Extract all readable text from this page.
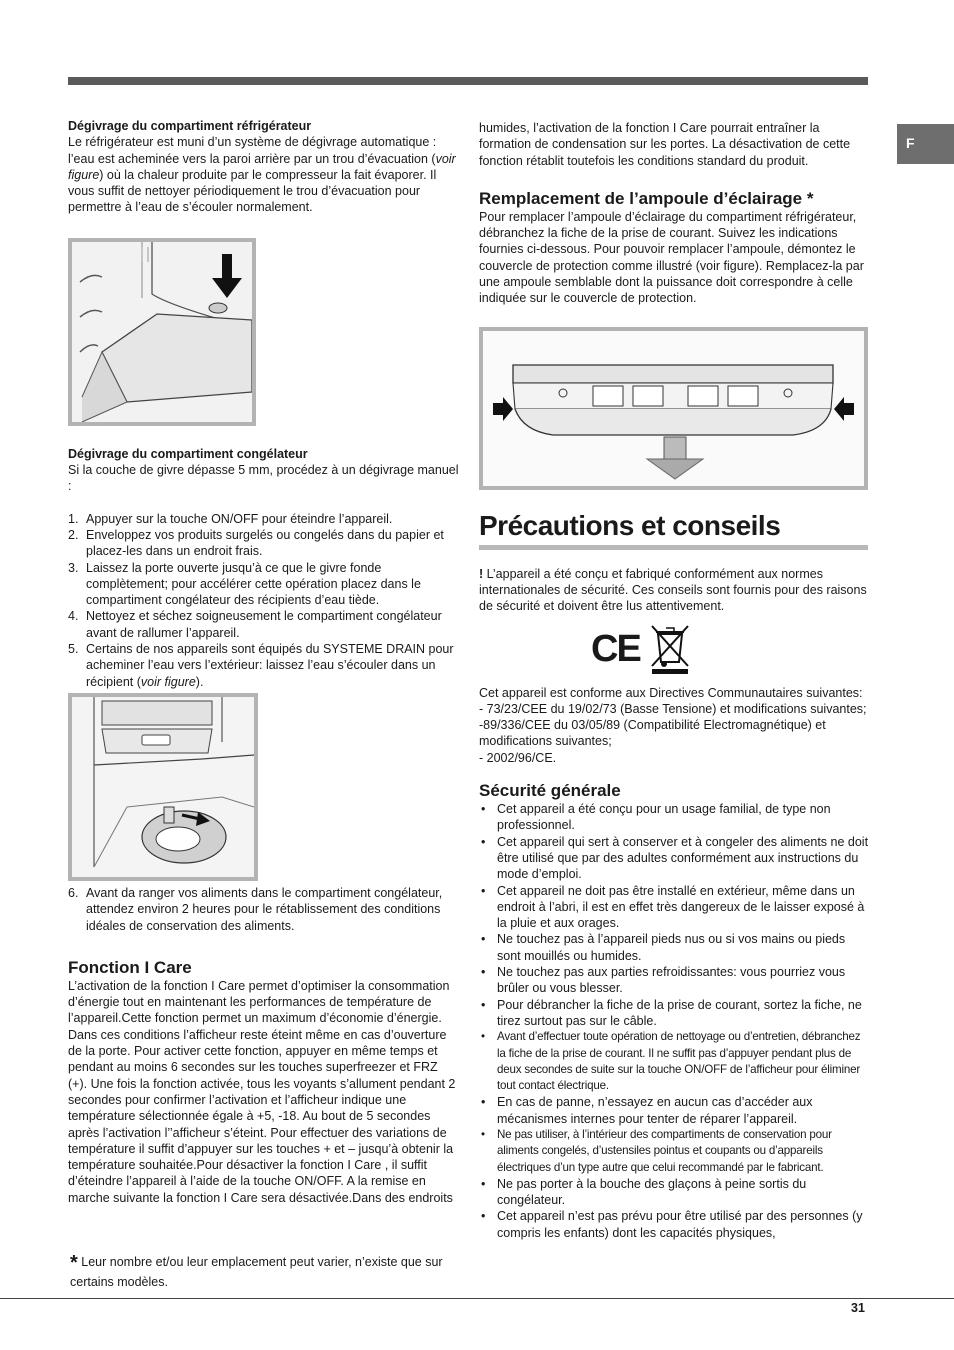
F

Dégivrage du compartiment réfrigérateur

Le réfrigérateur est muni d’un système de dégivrage automatique : l’eau est acheminée vers la paroi arrière par un trou d’évacuation (voir figure) où la chaleur produite par le compresseur la fait évaporer. Il vous suffit de nettoyer périodiquement le trou d’évacuation pour permettre à l’eau de s’écouler normalement.

Dégivrage du compartiment congélateur

Si la couche de givre dépasse 5 mm, procédez à un dégivrage manuel :

1. Appuyer sur la touche ON/OFF pour éteindre l’appareil.
2. Enveloppez vos produits surgelés ou congelés dans du papier et placez-les dans un endroit frais.
3. Laissez la porte ouverte jusqu’à ce que le givre fonde complètement; pour accélérer cette opération placez dans le compartiment congélateur des récipients d’eau tiède.
4. Nettoyez et séchez soigneusement le compartiment congélateur avant de rallumer l’appareil.
5. Certains de nos appareils sont équipés du SYSTEME DRAIN pour acheminer l’eau vers l’extérieur: laissez l’eau s’écouler dans un récipient (voir figure).
6. Avant da ranger vos aliments dans le compartiment congélateur, attendez environ 2 heures pour le rétablissement des conditions idéales de conservation des aliments.
Fonction I Care

L’activation de la fonction I Care permet d’optimiser la consommation d’énergie tout en maintenant les performances de température de l’appareil.Cette fonction permet un maximum d’économie d’énergie. Dans ces conditions l’afficheur reste éteint même en cas d’ouverture de la porte. Pour activer cette fonction, appuyer en même temps et pendant au moins 6 secondes sur les touches superfreezer et FRZ (+). Une fois la fonction activée, tous les voyants s’allument pendant 2 secondes pour confirmer l’activation et l’afficheur indique une température sélectionnée égale à +5, -18. Au bout de 5 secondes après l’activation l’’afficheur s’éteint. Pour effectuer des variations de température il suffit d’appuyer sur les touches + et – jusqu’à obtenir la température souhaitée.Pour désactiver la fonction I Care , il suffit d’éteindre l’appareil à l’aide de la touche ON/OFF. A la remise en marche suivante la fonction I Care sera désactivée.Dans des endroits

* Leur nombre et/ou leur emplacement peut varier, n’existe que sur certains modèles.

humides, l’activation de la fonction I Care pourrait entraîner la formation de condensation sur les portes. La désactivation de cette fonction rétablit toutefois les conditions standard du produit.

Remplacement de l’ampoule d’éclairage *

Pour remplacer l’ampoule d’éclairage du compartiment réfrigérateur, débranchez la fiche de la prise de courant. Suivez les indications fournies ci-dessous. Pour pouvoir remplacer l’ampoule, démontez le couvercle de protection comme illustré (voir figure). Remplacez-la par une ampoule semblable dont la puissance doit correspondre à celle indiquée sur le couvercle de protection.

Précautions et conseils

! L’appareil a été conçu et fabriqué conformément aux normes internationales de sécurité. Ces conseils sont fournis pour des raisons de sécurité et doivent être lus attentivement.

CE

Cet appareil est conforme aux Directives Communautaires suivantes:

- 73/23/CEE du 19/02/73 (Basse Tensione) et modifications suivantes;

-89/336/CEE du 03/05/89 (Compatibilité Electromagnétique) et modifications suivantes;

- 2002/96/CE.

Sécurité générale
• Cet appareil a été conçu pour un usage familial, de type non professionnel.
• Cet appareil qui sert à conserver et à congeler des aliments ne doit être utilisé que par des adultes conformément aux instructions du mode d’emploi.
• Cet appareil ne doit pas être installé en extérieur, même dans un endroit à l’abri, il est en effet très dangereux de le laisser exposé à la pluie et aux orages.
• Ne touchez pas à l’appareil pieds nus ou si vos mains ou pieds sont mouillés ou humides.
• Ne touchez pas aux parties refroidissantes: vous pourriez vous brûler ou vous blesser.
• Pour débrancher la fiche de la prise de courant, sortez la fiche, ne tirez surtout pas sur le câble.
• Avant d’effectuer toute opération de nettoyage ou d’entretien, débranchez la fiche de la prise de courant. Il ne suffit pas d’appuyer pendant plus de deux secondes de suite sur la touche ON/OFF de l’afficheur pour éliminer tout contact électrique.
• En cas de panne, n’essayez en aucun cas d’accéder aux mécanismes internes pour tenter de réparer l’appareil.
• Ne pas utiliser, à l’intérieur des compartiments de conservation pour aliments congelés, d’ustensiles pointus et coupants ou d’appareils électriques d’un type autre que celui recommandé par le fabricant.
• Ne pas porter à la bouche des glaçons à peine sortis du congélateur.
• Cet appareil n’est pas prévu pour être utilisé par des personnes (y compris les enfants) dont les capacités physiques,
31
